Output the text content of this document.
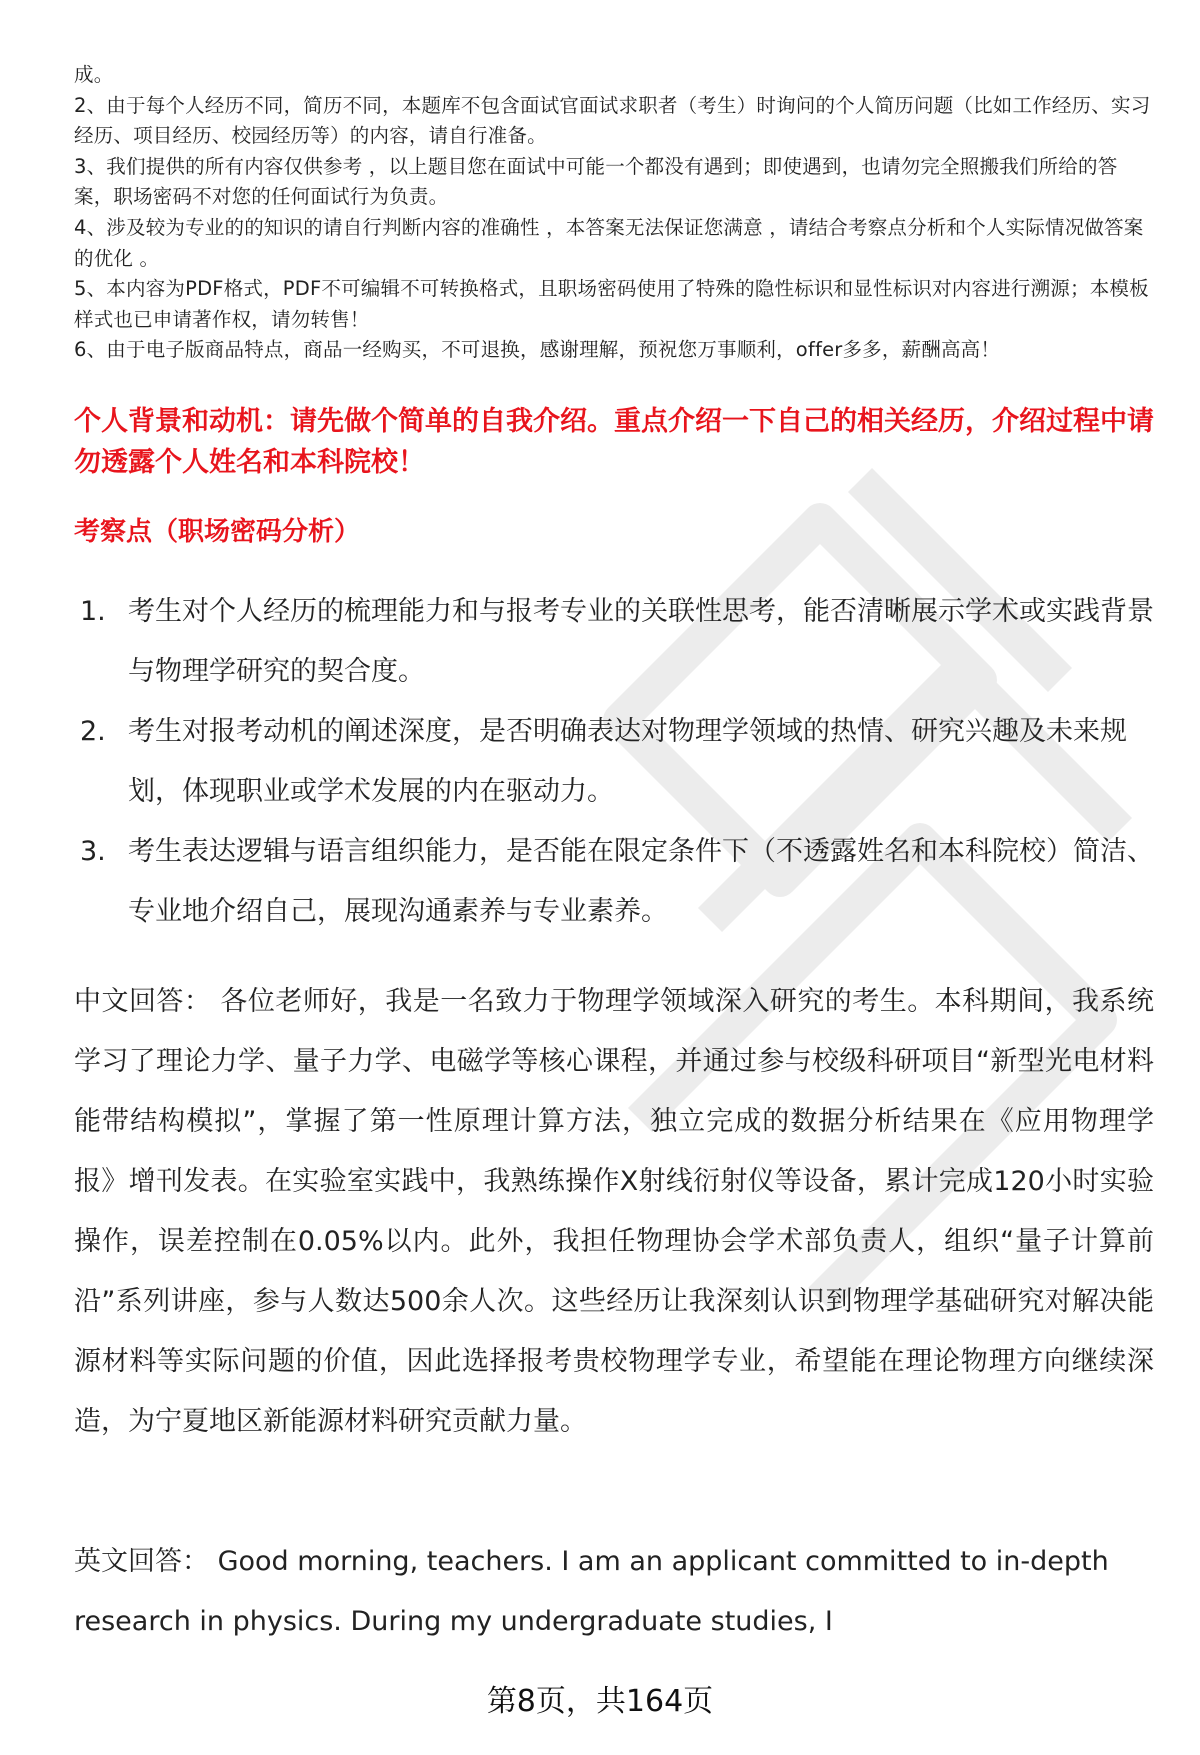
成。

2、由于每个人经历不同，简历不同，本题库不包含面试官面试求职者（考生）时询问的个人简历问题（比如工作经历、实习经历、项目经历、校园经历等）的内容，请自行准备。

3、我们提供的所有内容仅供参考 ，以上题目您在面试中可能一个都没有遇到；即使遇到，也请勿完全照搬我们所给的答案，职场密码不对您的任何面试行为负责。

4、涉及较为专业的的知识的请自行判断内容的准确性 ，本答案无法保证您满意 ，请结合考察点分析和个人实际情况做答案的优化 。

5、本内容为PDF格式，PDF不可编辑不可转换格式，且职场密码使用了特殊的隐性标识和显性标识对内容进行溯源；本模板样式也已申请著作权，请勿转售！

6、由于电子版商品特点，商品一经购买，不可退换，感谢理解，预祝您万事顺利，offer多多，薪酬高高！

个人背景和动机：请先做个简单的自我介绍。重点介绍一下自己的相关经历，介绍过程中请勿透露个人姓名和本科院校！

考察点（职场密码分析）

1. 考生对个人经历的梳理能力和与报考专业的关联性思考，能否清晰展示学术或实践背景与物理学研究的契合度。
2. 考生对报考动机的阐述深度，是否明确表达对物理学领域的热情、研究兴趣及未来规划，体现职业或学术发展的内在驱动力。
3. 考生表达逻辑与语言组织能力，是否能在限定条件下（不透露姓名和本科院校）简洁、专业地介绍自己，展现沟通素养与专业素养。

中文回答： 各位老师好，我是一名致力于物理学领域深入研究的考生。本科期间，我系统学习了理论力学、量子力学、电磁学等核心课程，并通过参与校级科研项目“新型光电材料能带结构模拟”，掌握了第一性原理计算方法，独立完成的数据分析结果在《应用物理学报》增刊发表。在实验室实践中，我熟练操作X射线衍射仪等设备，累计完成120小时实验操作，误差控制在0.05%以内。此外，我担任物理协会学术部负责人，组织“量子计算前沿”系列讲座，参与人数达500余人次。这些经历让我深刻认识到物理学基础研究对解决能源材料等实际问题的价值，因此选择报考贵校物理学专业，希望能在理论物理方向继续深造，为宁夏地区新能源材料研究贡献力量。

英文回答： Good morning, teachers. I am an applicant committed to in-depth research in physics. During my undergraduate studies, I

第8页，共164页
